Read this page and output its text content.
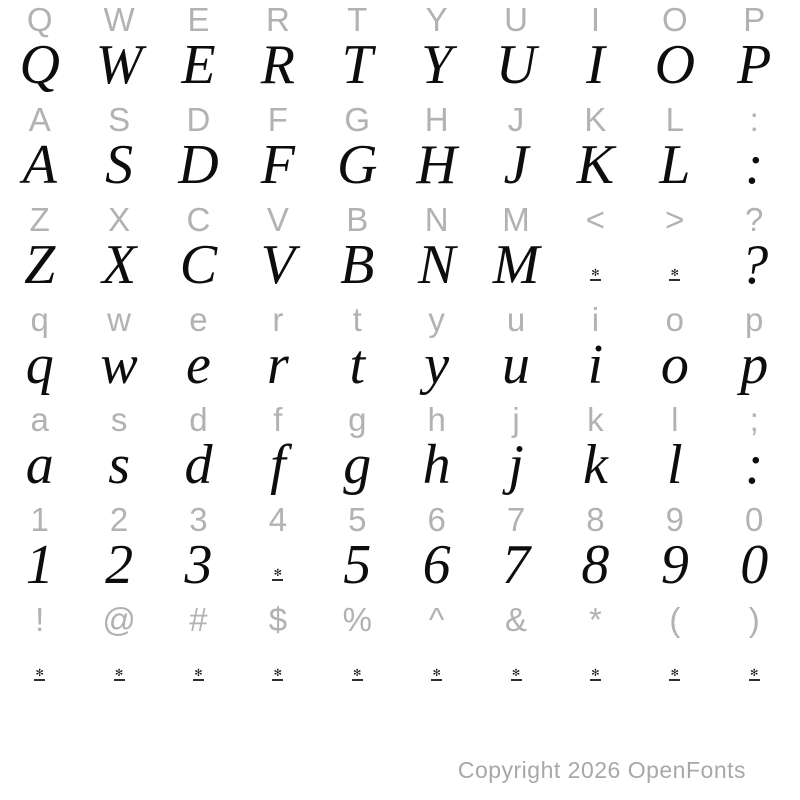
Q W E R T Y U I O P
Q W E R T Y U I O P
A S D F G H J K L :
A S D F G H J K L :
Z X C V B N M < > ?
Z X C V B N M	✻	✻ ?
q w e r t y u i o p
q w e r t y u i o p
a s d f g h j k l ;
a s d f g h j k l :
1 2 3 4 5 6 7 8 9 0
1 2 3	✻ 5 6 7 8 9 0
! @ # $ % ^ & * ( )
✻	✻	✻	✻	✻	✻	✻	✻	✻	✻
Copyright 2026 OpenFonts
